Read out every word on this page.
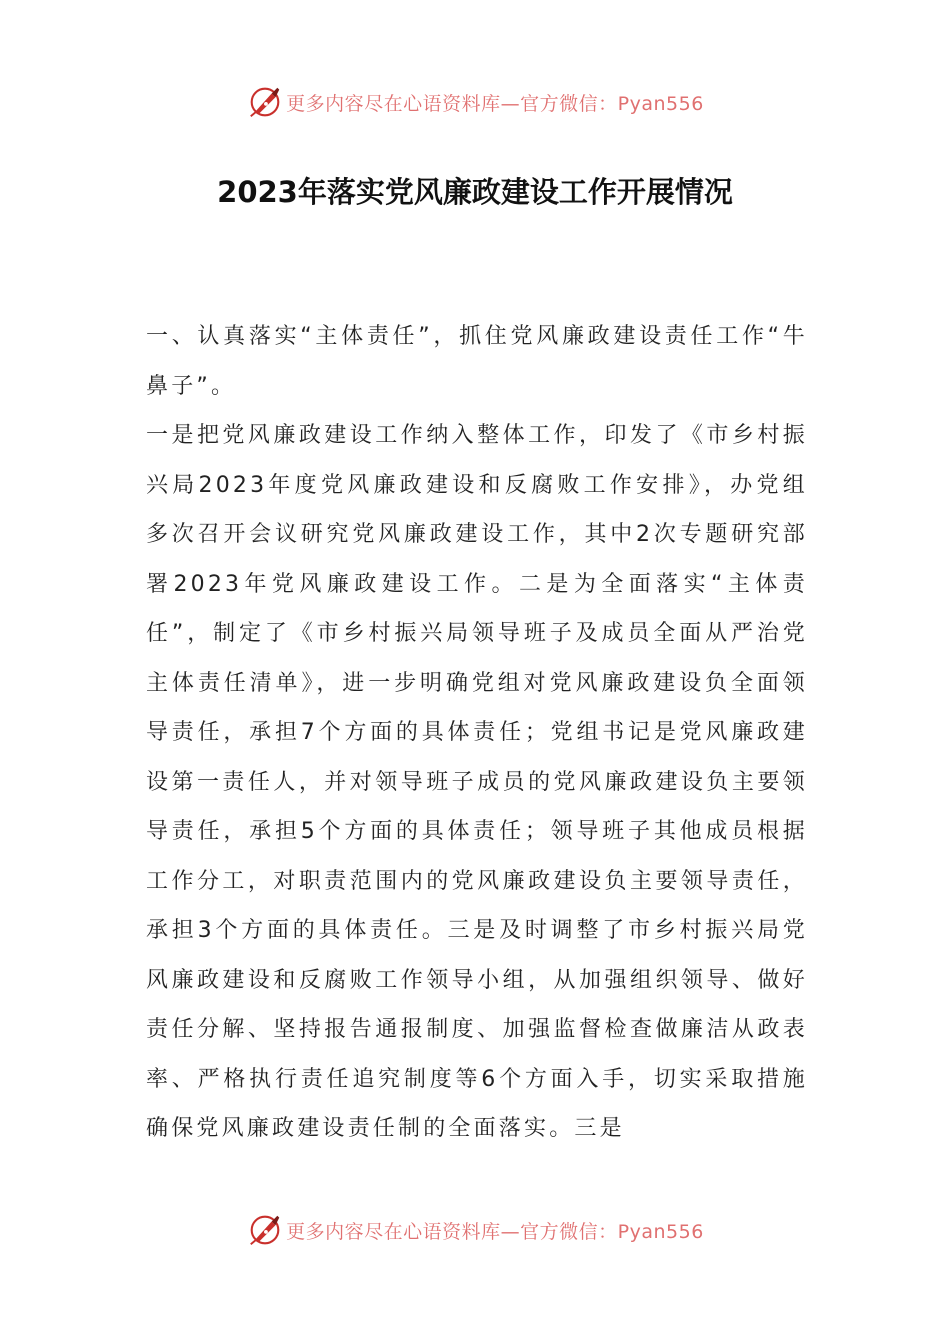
更多内容尽在心语资料库—官方微信：Pyan556
2023年落实党风廉政建设工作开展情况

一、认真落实“主体责任”，抓住党风廉政建设责任工作“牛鼻子”。

一是把党风廉政建设工作纳入整体工作，印发了《市乡村振兴局2023年度党风廉政建设和反腐败工作安排》，办党组多次召开会议研究党风廉政建设工作，其中2次专题研究部署2023年党风廉政建设工作。二是为全面落实“主体责任”，制定了《市乡村振兴局领导班子及成员全面从严治党主体责任清单》，进一步明确党组对党风廉政建设负全面领导责任，承担7个方面的具体责任；党组书记是党风廉政建设第一责任人，并对领导班子成员的党风廉政建设负主要领导责任，承担5个方面的具体责任；领导班子其他成员根据工作分工，对职责范围内的党风廉政建设负主要领导责任，承担3个方面的具体责任。三是及时调整了市乡村振兴局党风廉政建设和反腐败工作领导小组，从加强组织领导、做好责任分解、坚持报告通报制度、加强监督检查做廉洁从政表率、严格执行责任追究制度等6个方面入手，切实采取措施确保党风廉政建设责任制的全面落实。三是

更多内容尽在心语资料库—官方微信：Pyan556
